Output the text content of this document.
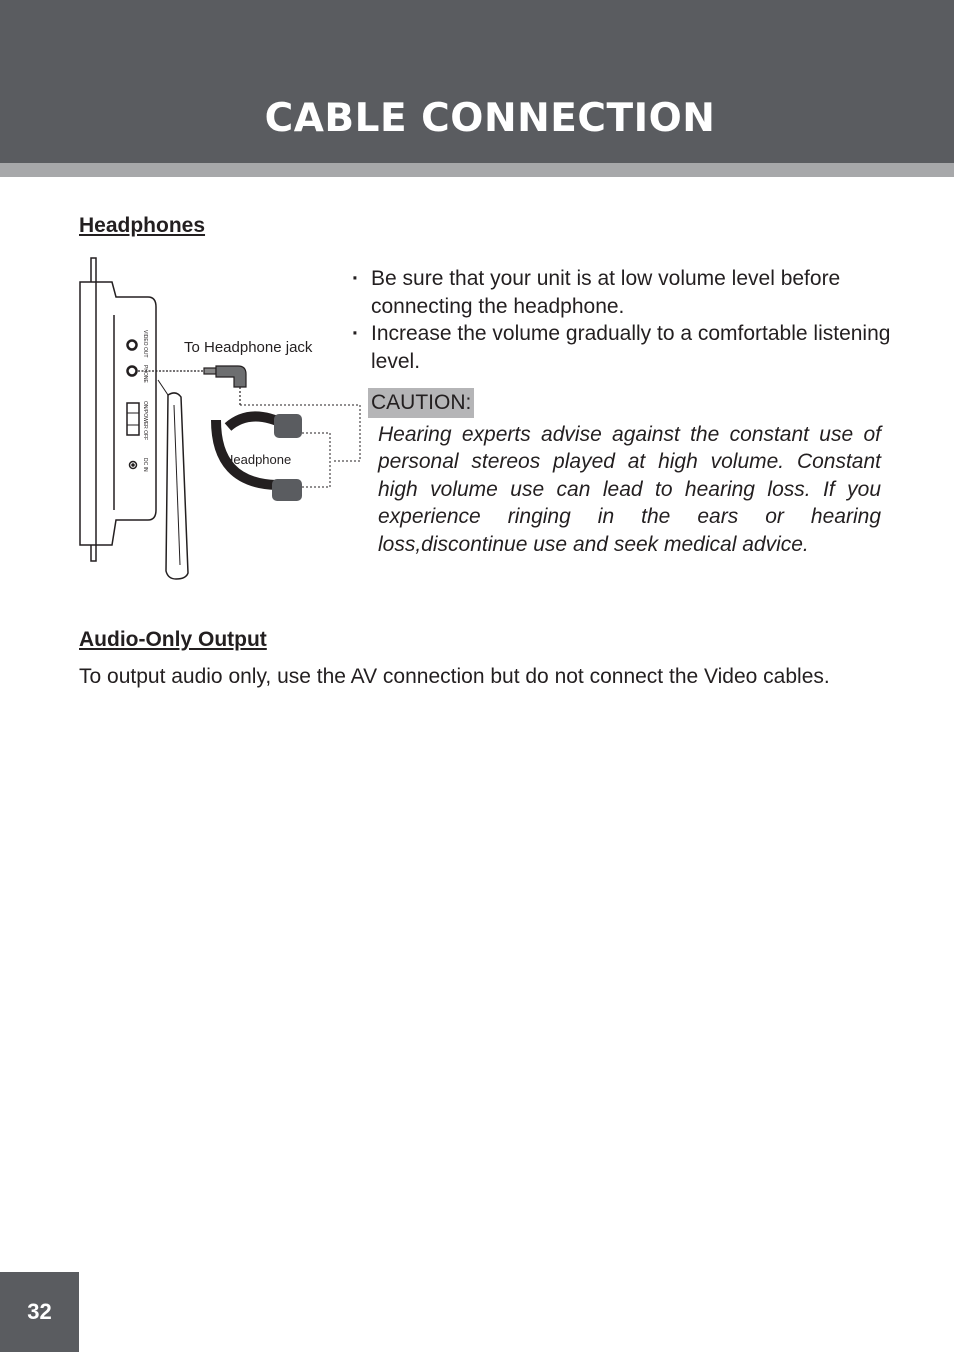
CABLE CONNECTION
Headphones
VIDEO OUT
PHONE
ON/POWER OFF
DC IN
To Headphone jack
Headphone
· Be sure that your unit is at low volume level before connecting the headphone.
· Increase the volume gradually to a comfortable listening level.
CAUTION:

Hearing experts advise against the constant use of personal stereos played at high volume. Constant high volume use can lead to hearing loss. If you experience ringing in the ears or hearing loss,discontinue use and seek medical advice.

Audio-Only Output

To output audio only, use the AV connection but do not connect the Video cables.

32
